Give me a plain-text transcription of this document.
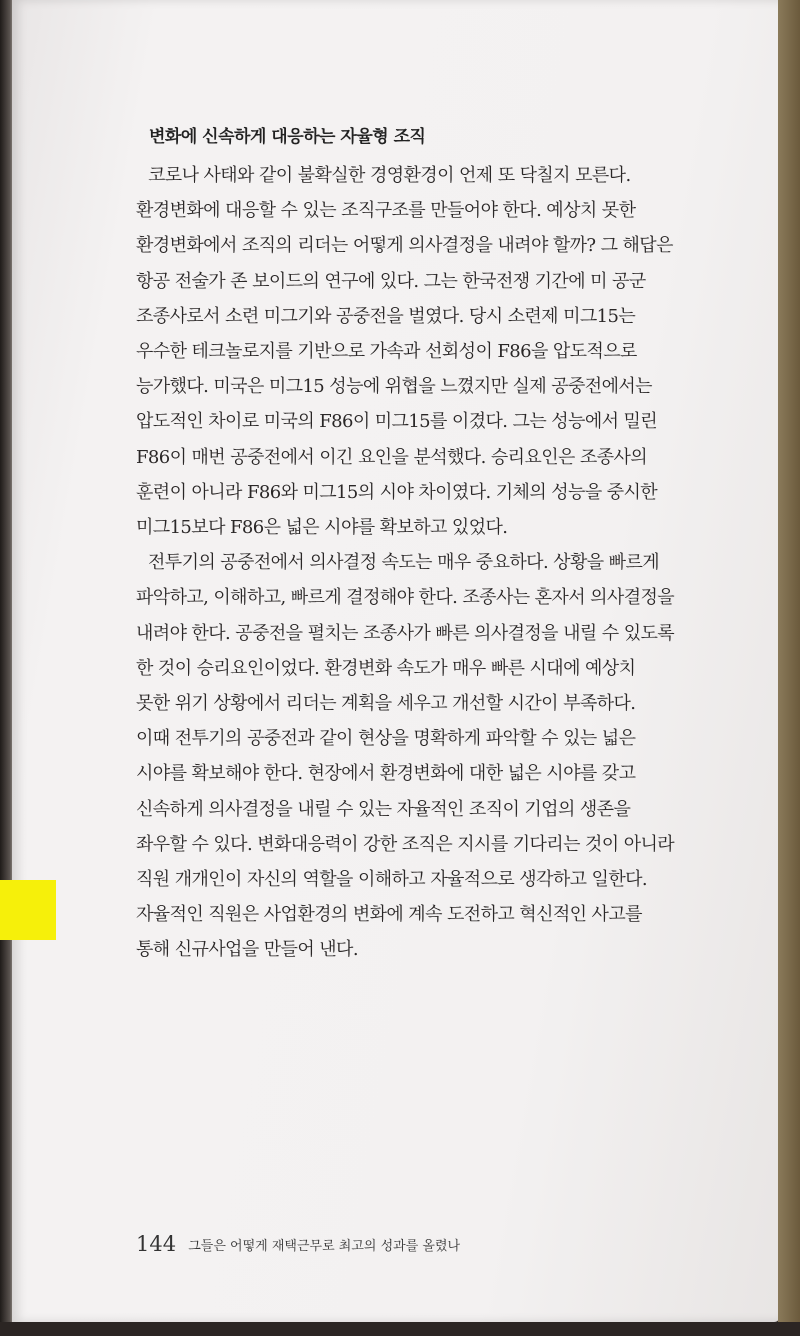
변화에 신속하게 대응하는 자율형 조직
코로나 사태와 같이 불확실한 경영환경이 언제 또 닥칠지 모른다.
환경변화에 대응할 수 있는 조직구조를 만들어야 한다. 예상치 못한
환경변화에서 조직의 리더는 어떻게 의사결정을 내려야 할까? 그 해답은
항공 전술가 존 보이드의 연구에 있다. 그는 한국전쟁 기간에 미 공군
조종사로서 소련 미그기와 공중전을 벌였다. 당시 소련제 미그15는
우수한 테크놀로지를 기반으로 가속과 선회성이 F86을 압도적으로
능가했다. 미국은 미그15 성능에 위협을 느꼈지만 실제 공중전에서는
압도적인 차이로 미국의 F86이 미그15를 이겼다. 그는 성능에서 밀린
F86이 매번 공중전에서 이긴 요인을 분석했다. 승리요인은 조종사의
훈련이 아니라 F86와 미그15의 시야 차이였다. 기체의 성능을 중시한
미그15보다 F86은 넓은 시야를 확보하고 있었다.
전투기의 공중전에서 의사결정 속도는 매우 중요하다. 상황을 빠르게
파악하고, 이해하고, 빠르게 결정해야 한다. 조종사는 혼자서 의사결정을
내려야 한다. 공중전을 펼치는 조종사가 빠른 의사결정을 내릴 수 있도록
한 것이 승리요인이었다. 환경변화 속도가 매우 빠른 시대에 예상치
못한 위기 상황에서 리더는 계획을 세우고 개선할 시간이 부족하다.
이때 전투기의 공중전과 같이 현상을 명확하게 파악할 수 있는 넓은
시야를 확보해야 한다. 현장에서 환경변화에 대한 넓은 시야를 갖고
신속하게 의사결정을 내릴 수 있는 자율적인 조직이 기업의 생존을
좌우할 수 있다. 변화대응력이 강한 조직은 지시를 기다리는 것이 아니라
직원 개개인이 자신의 역할을 이해하고 자율적으로 생각하고 일한다.
자율적인 직원은 사업환경의 변화에 계속 도전하고 혁신적인 사고를
통해 신규사업을 만들어 낸다.
144 그들은 어떻게 재택근무로 최고의 성과를 올렸나
